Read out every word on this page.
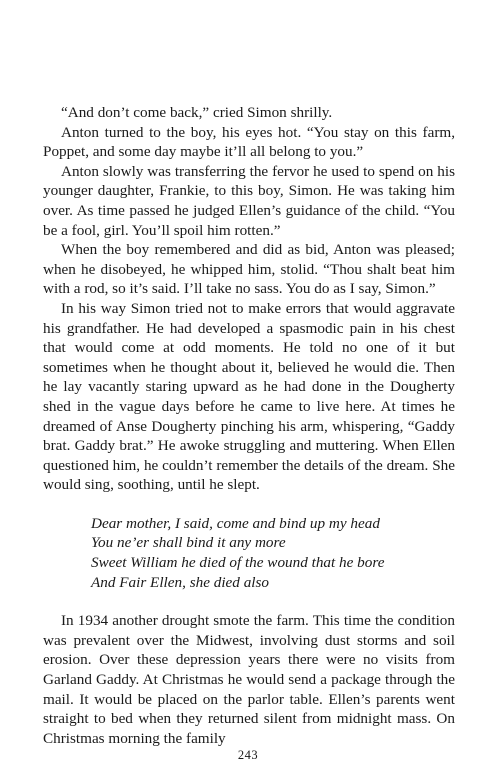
“And don’t come back,” cried Simon shrilly.

Anton turned to the boy, his eyes hot. “You stay on this farm, Poppet, and some day maybe it’ll all belong to you.”

Anton slowly was transferring the fervor he used to spend on his younger daughter, Frankie, to this boy, Simon. He was taking him over. As time passed he judged Ellen’s guidance of the child. “You be a fool, girl. You’ll spoil him rotten.”

When the boy remembered and did as bid, Anton was pleased; when he disobeyed, he whipped him, stolid. “Thou shalt beat him with a rod, so it’s said. I’ll take no sass. You do as I say, Simon.”

In his way Simon tried not to make errors that would aggravate his grandfather. He had developed a spasmodic pain in his chest that would come at odd moments. He told no one of it but sometimes when he thought about it, believed he would die. Then he lay vacantly staring upward as he had done in the Dougherty shed in the vague days before he came to live here. At times he dreamed of Anse Dougherty pinching his arm, whispering, “Gaddy brat. Gaddy brat.” He awoke struggling and muttering. When Ellen questioned him, he couldn’t remember the details of the dream. She would sing, soothing, until he slept.

Dear mother, I said, come and bind up my head

You ne’er shall bind it any more

Sweet William he died of the wound that he bore

And Fair Ellen, she died also

In 1934 another drought smote the farm. This time the condition was prevalent over the Midwest, involving dust storms and soil erosion. Over these depression years there were no visits from Garland Gaddy. At Christmas he would send a package through the mail. It would be placed on the parlor table. Ellen’s parents went straight to bed when they returned silent from midnight mass. On Christmas morning the family

243
